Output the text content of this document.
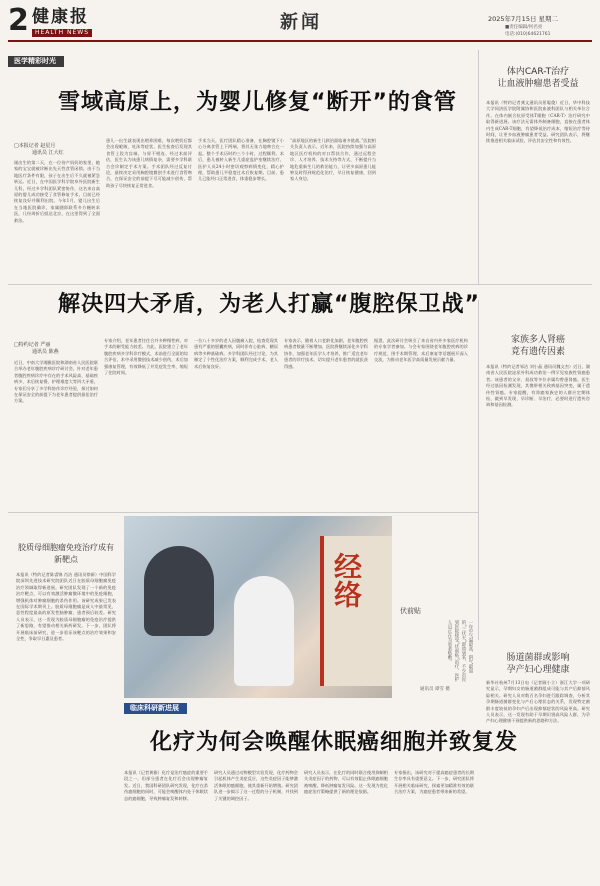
2 健康报
HEALTH NEWS	新闻	2025年7月15日 星期二
■责任编辑/何名亮
电话:(010)64621761
医学精彩时光
雪域高原上，为婴儿修复“断开”的食管
□本报记者 赵星月
通讯员 江大红
刚出生的第二天，在一位待产妈妈的家里，她家的宝宝就被诊断出先天性食管闭锁。由于当地医疗条件有限，孩子在出生后不久就被紧急转运。近日，在中国医学科学院阜外医院新生儿科，经过多学科团队紧密协作，这名来自高原的婴儿成功接受了食管修复手术，目前已经恢复良好并顺利出院。今年1月，婴儿出生后在当地医院确诊，家属随即联系多方辗转求医，几经周折后抵达北京，在这里得到了全面救治。
患儿一出生就表现出喂养困难，每次喂奶后都会出现呛咳、吐沫等症状，医生检查后发现其食管上段为盲端，与胃不相连。经过术前评估，医生认为该患儿病情复杂，需要多学科联合会诊制定手术方案。手术团队经过反复讨论，最终决定采用胸腔镜微创手术进行食管吻合，在保证安全的前提下尽可能减少创伤，帮助孩子尽快恢复正常进食。
手术当天，医疗团队精心准备，在胸腔镜下小心分离食管上下两端，将其无张力地吻合在一起。整个手术历时约三个小时，过程顺利。术后，患儿被转入新生儿重症监护室继续治疗，医护人员24小时密切观察病情变化，精心护理，帮助患儿平稳度过术后恢复期。目前，患儿已能经口正常进食，体重稳步增长。
“高原地区的新生儿救治面临诸多挑战。”医院相关负责人表示，近年来，医院持续加强与高原地区医疗机构的对口帮扶合作，通过远程会诊、人才培养、技术支持等方式，不断提升当地危重新生儿的救治能力，让更多高原患儿能够及时得到规范化治疗，早日恢复健康，回到家人身边。
体内CAR-T治疗
让血液肿瘤患者受益
本报讯（特约记者龚文通讯员景聪俊）近日，华中科技大学同济医学院附属协和医院血液科团队与相关单位合作，在体内嵌合抗原受体T细胞（CAR-T）治疗研究中取得新进展。该疗法无需体外制备细胞，直接在患者体内生成CAR-T细胞，有望降低治疗成本，缩短治疗等待时间，让更多血液肿瘤患者受益。研究团队表示，将继续推进相关临床试验，评估其安全性和有效性。
解决四大矛盾，为老人打赢“腹腔保卫战”
□特约记者 严丽
通讯员 陈燕
近日，中南大学湘雅医院和湖南省人民医院联合举办老年腹腔疾病诊疗研讨会。针对老年患者腹腔疾病诊疗中存在的手术风险高、基础疾病多、术后恢复慢、护理难度大等四大矛盾，专家们分享了多学科协作诊疗经验，探讨如何在保证安全的前提下为老年患者提供最佳治疗方案。
专家介绍，老年患者往往合并多种慢性病，对手术的耐受能力较差。为此，医院建立了老年腹腔疾病多学科诊疗模式，术前进行全面的综合评估，术中采用微创技术减少创伤，术后加强康复管理，有效降低了并发症发生率，缩短了住院时间。
一位八十多岁的老人因腹痛入院，检查发现其患有严重的胆囊疾病，同时伴有心脏病、糖尿病等多种基础病。多学科团队经过讨论，为其制定了个性化治疗方案，顺利完成手术，老人术后恢复良好。
专家表示，随着人口老龄化加剧，老年腹腔疾病患者数量不断增加。医院将继续深化多学科协作，加强老年医学人才培养，推广适宜老年患者的诊疗技术，切实提升老年患者的就医获得感。
据悉，此次研讨会吸引了来自省内外多家医疗机构的专家学者参加。与会专家围绕老年腹腔疾病的诊疗规范、围手术期管理、术后康复等话题展开深入交流，为推动老年医学高质量发展贡献力量。
家族多人肾癌
竟有遗传因素
本报讯（特约记者邹洁 刘小晶 通讯员魏文杰）近日，湖南省人民医院泌尿外科成功救治一例罕见家族性肾癌患者。该患者的父亲、叔叔等多位亲属均曾患肾癌。医生经过基因检测发现，其携带相关致病基因突变，属于遗传性肾癌。专家提醒，有肾癌家族史的人群应定期体检，做到早发现、早诊断、早治疗，必要时进行遗传咨询和基因检测。
胶质母细胞瘤免疫治疗成有新靶点
本报讯（特约记者陈睿锦 肖洁 通讯员徐新）中国科学院深圳先进技术研究院团队近日在胶质母细胞瘤免疫治疗领域取得新进展。研究团队发现了一个新的免疫治疗靶点，可以有效激活肿瘤微环境中的免疫细胞，增强机体对肿瘤细胞的杀伤作用。该研究成果已发表在国际学术期刊上。胶质母细胞瘤是成人中最常见、恶性程度最高的原发性脑肿瘤，患者预后较差。研究人员表示，这一发现为胶质母细胞瘤的免疫治疗提供了新思路，有望推动相关新药研发。下一步，团队将开展临床前研究，进一步验证该靶点的治疗效果和安全性，争取早日惠及患者。
经络
伏前贴
一年中气温最高、阴气最弱的“三伏天”即将到来，不少市民到医院接受“伏前贴”治疗，医护人员正在为患者贴敷。
通讯员 谭雪 摄
肠道菌群或影响
孕产妇心理健康
新华社杭州7月13日电（记者顾小立）浙江大学一项研究显示，孕期妇女的肠道菌群组成可能与其产后抑郁风险相关。研究人员对数百名孕妇进行跟踪调查，分析其孕期肠道菌群变化与产后心理状态的关系，发现特定菌群丰度较低的孕妇产后出现抑郁症状的风险更高。研究人员表示，这一发现有助于早期识别高风险人群，为孕产妇心理健康干预提供新的思路和方法。
临床科研新进展
化疗为何会唤醒休眠癌细胞并致复发
本报讯（记者黄雅）化疗是治疗癌症的重要手段之一，但部分患者在化疗后会出现肿瘤复发。近日，我国科研团队研究发现，化疗在杀伤癌细胞的同时，可能会唤醒体内处于休眠状态的癌细胞，导致肿瘤复发和转移。
研究人员通过动物模型实验发现，化疗药物会引起机体产生炎症反应，这些炎症因子能够激活休眠的癌细胞，使其重新开始增殖。研究团队进一步揭示了这一过程的分子机制，并找到了关键的调控因子。
研究人员表示，在化疗的同时联合使用抑制相关炎症因子的药物，可以有效阻止休眠癌细胞被唤醒，降低肿瘤复发风险。这一发现为优化癌症治疗策略提供了新的理论依据。
专家指出，该研究对于提高癌症患者的长期生存率具有重要意义。下一步，研究团队将开展相关临床研究，探索更加精准有效的联合治疗方案，为癌症患者带来新的希望。
